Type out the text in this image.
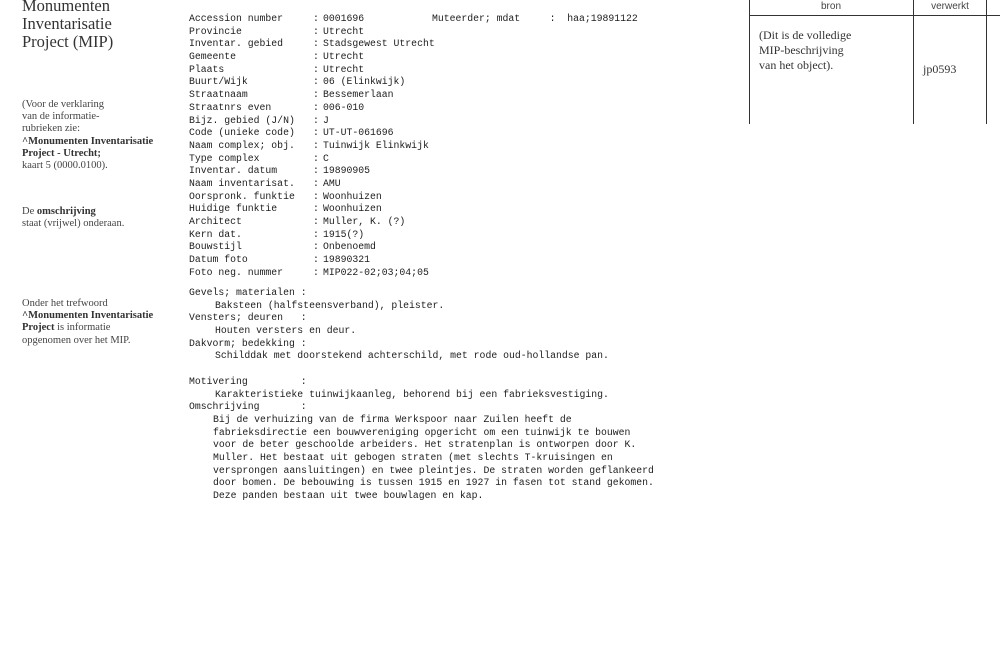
Monumenten
Inventarisatie
Project (MIP)
(Voor de verklaring
van de informatie-
rubrieken zie:
^Monumenten Inventarisatie
Project - Utrecht;
kaart 5 (0000.0100).
De omschrijving
staat (vrijwel) onderaan.
Onder het trefwoord
^Monumenten Inventarisatie
Project is informatie
opgenomen over het MIP.
bron	verwerkt
(Dit is de volledige
MIP-beschrijving
van het object).	jp0593
Muteerder; mdat     :  haa;19891122
Accession number	: 0001696
Provincie	: Utrecht
Inventar. gebied	: Stadsgewest Utrecht
Gemeente	: Utrecht
Plaats	: Utrecht
Buurt/Wijk	: 06 (Elinkwijk)
Straatnaam	: Bessemerlaan
Straatnrs even	: 006-010
Bijz. gebied (J/N) : J
Code (unieke code) : UT-UT-061696
Naam complex; obj. : Tuinwijk Elinkwijk
Type complex	: C
Inventar. datum	: 19890905
Naam inventarisat. : AMU
Oorspronk. funktie : Woonhuizen
Huidige funktie	: Woonhuizen
Architect	: Muller, K. (?)
Kern dat.	: 1915(?)
Bouwstijl	: Onbenoemd
Datum foto	: 19890321
Foto neg. nummer	: MIP022-02;03;04;05
Gevels; materialen :
Baksteen (halfsteensverband), pleister.
Vensters; deuren   :
Houten versters en deur.
Dakvorm; bedekking :
Schilddak met doorstekend achterschild, met rode oud-hollandse pan.
Motivering         :
Karakteristieke tuinwijkaanleg, behorend bij een fabrieksvestiging.
Omschrijving       :
Bij de verhuizing van de firma Werkspoor naar Zuilen heeft de
fabrieksdirectie een bouwvereniging opgericht om een tuinwijk te bouwen
voor de beter geschoolde arbeiders. Het stratenplan is ontworpen door K.
Muller. Het bestaat uit gebogen straten (met slechts T-kruisingen en
versprongen aansluitingen) en twee pleintjes. De straten worden geflankeerd
door bomen. De bebouwing is tussen 1915 en 1927 in fasen tot stand gekomen.
Deze panden bestaan uit twee bouwlagen en kap.
